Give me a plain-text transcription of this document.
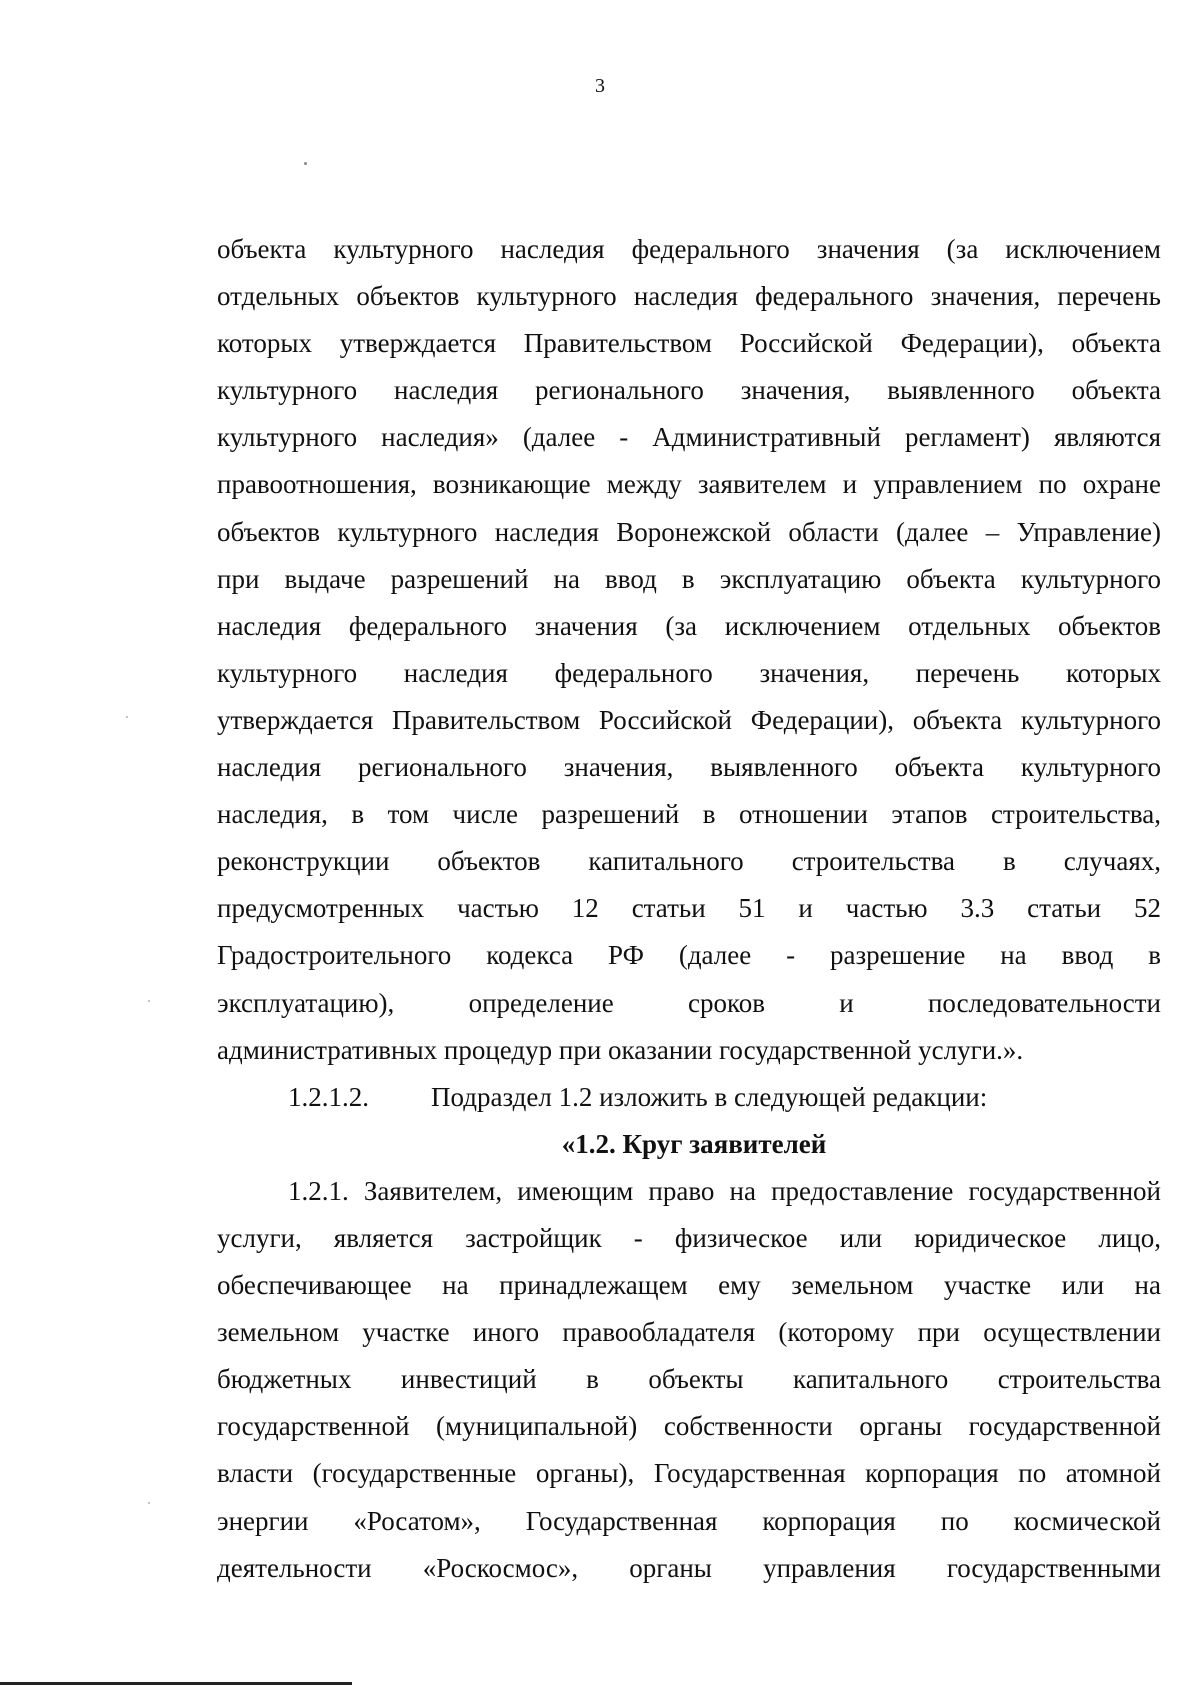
3
объекта культурного наследия федерального значения (за исключением
отдельных объектов культурного наследия федерального значения, перечень
которых утверждается Правительством Российской Федерации), объекта
культурного наследия регионального значения, выявленного объекта
культурного наследия» (далее - Административный регламент) являются
правоотношения, возникающие между заявителем и управлением по охране
объектов культурного наследия Воронежской области (далее – Управление)
при выдаче разрешений на ввод в эксплуатацию объекта культурного
наследия федерального значения (за исключением отдельных объектов
культурного наследия федерального значения, перечень которых
утверждается Правительством Российской Федерации), объекта культурного
наследия регионального значения, выявленного объекта культурного
наследия, в том числе разрешений в отношении этапов строительства,
реконструкции объектов капитального строительства в случаях,
предусмотренных частью 12 статьи 51 и частью 3.3 статьи 52
Градостроительного кодекса РФ (далее - разрешение на ввод в
эксплуатацию), определение сроков и последовательности
административных процедур при оказании государственной услуги.».
1.2.1.2. Подраздел 1.2 изложить в следующей редакции:
«1.2. Круг заявителей
1.2.1. Заявителем, имеющим право на предоставление государственной
услуги, является застройщик - физическое или юридическое лицо,
обеспечивающее на принадлежащем ему земельном участке или на
земельном участке иного правообладателя (которому при осуществлении
бюджетных инвестиций в объекты капитального строительства
государственной (муниципальной) собственности органы государственной
власти (государственные органы), Государственная корпорация по атомной
энергии «Росатом», Государственная корпорация по космической
деятельности «Роскосмос», органы управления государственными
